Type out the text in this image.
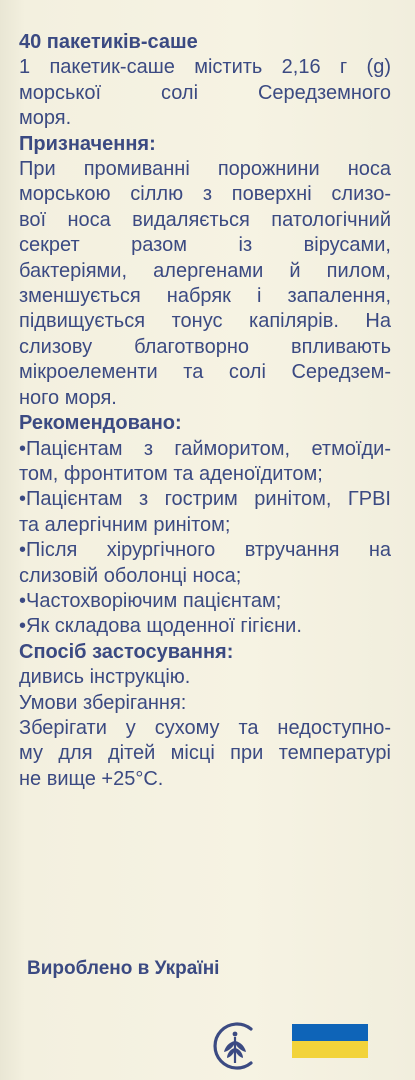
40 пакетиків-саше
1 пакетик-саше містить 2,16 г (g)
морської солі Середземного
моря.
Призначення:
При промиванні порожнини носа
морською сіллю з поверхні слизо-
вої носа видаляється патологічний
секрет разом із вірусами,
бактеріями, алергенами й пилом,
зменшується набряк і запалення,
підвищується тонус капілярів. На
слизову благотворно впливають
мікроелементи та солі Середзем-
ного моря.
Рекомендовано:
•Пацієнтам з гайморитом, етмоїди-
том, фронтитом та аденоїдитом;
•Пацієнтам з гострим ринітом, ГРВІ
та алергічним ринітом;
•Після хірургічного втручання на
слизовій оболонці носа;
•Частохворіючим пацієнтам;
•Як складова щоденної гігієни.
Спосіб застосування:
дивись інструкцію.
Умови зберігання:
Зберігати у сухому та недоступно-
му для дітей місці при температурі
не вище +25°C.
Вироблено в Україні
